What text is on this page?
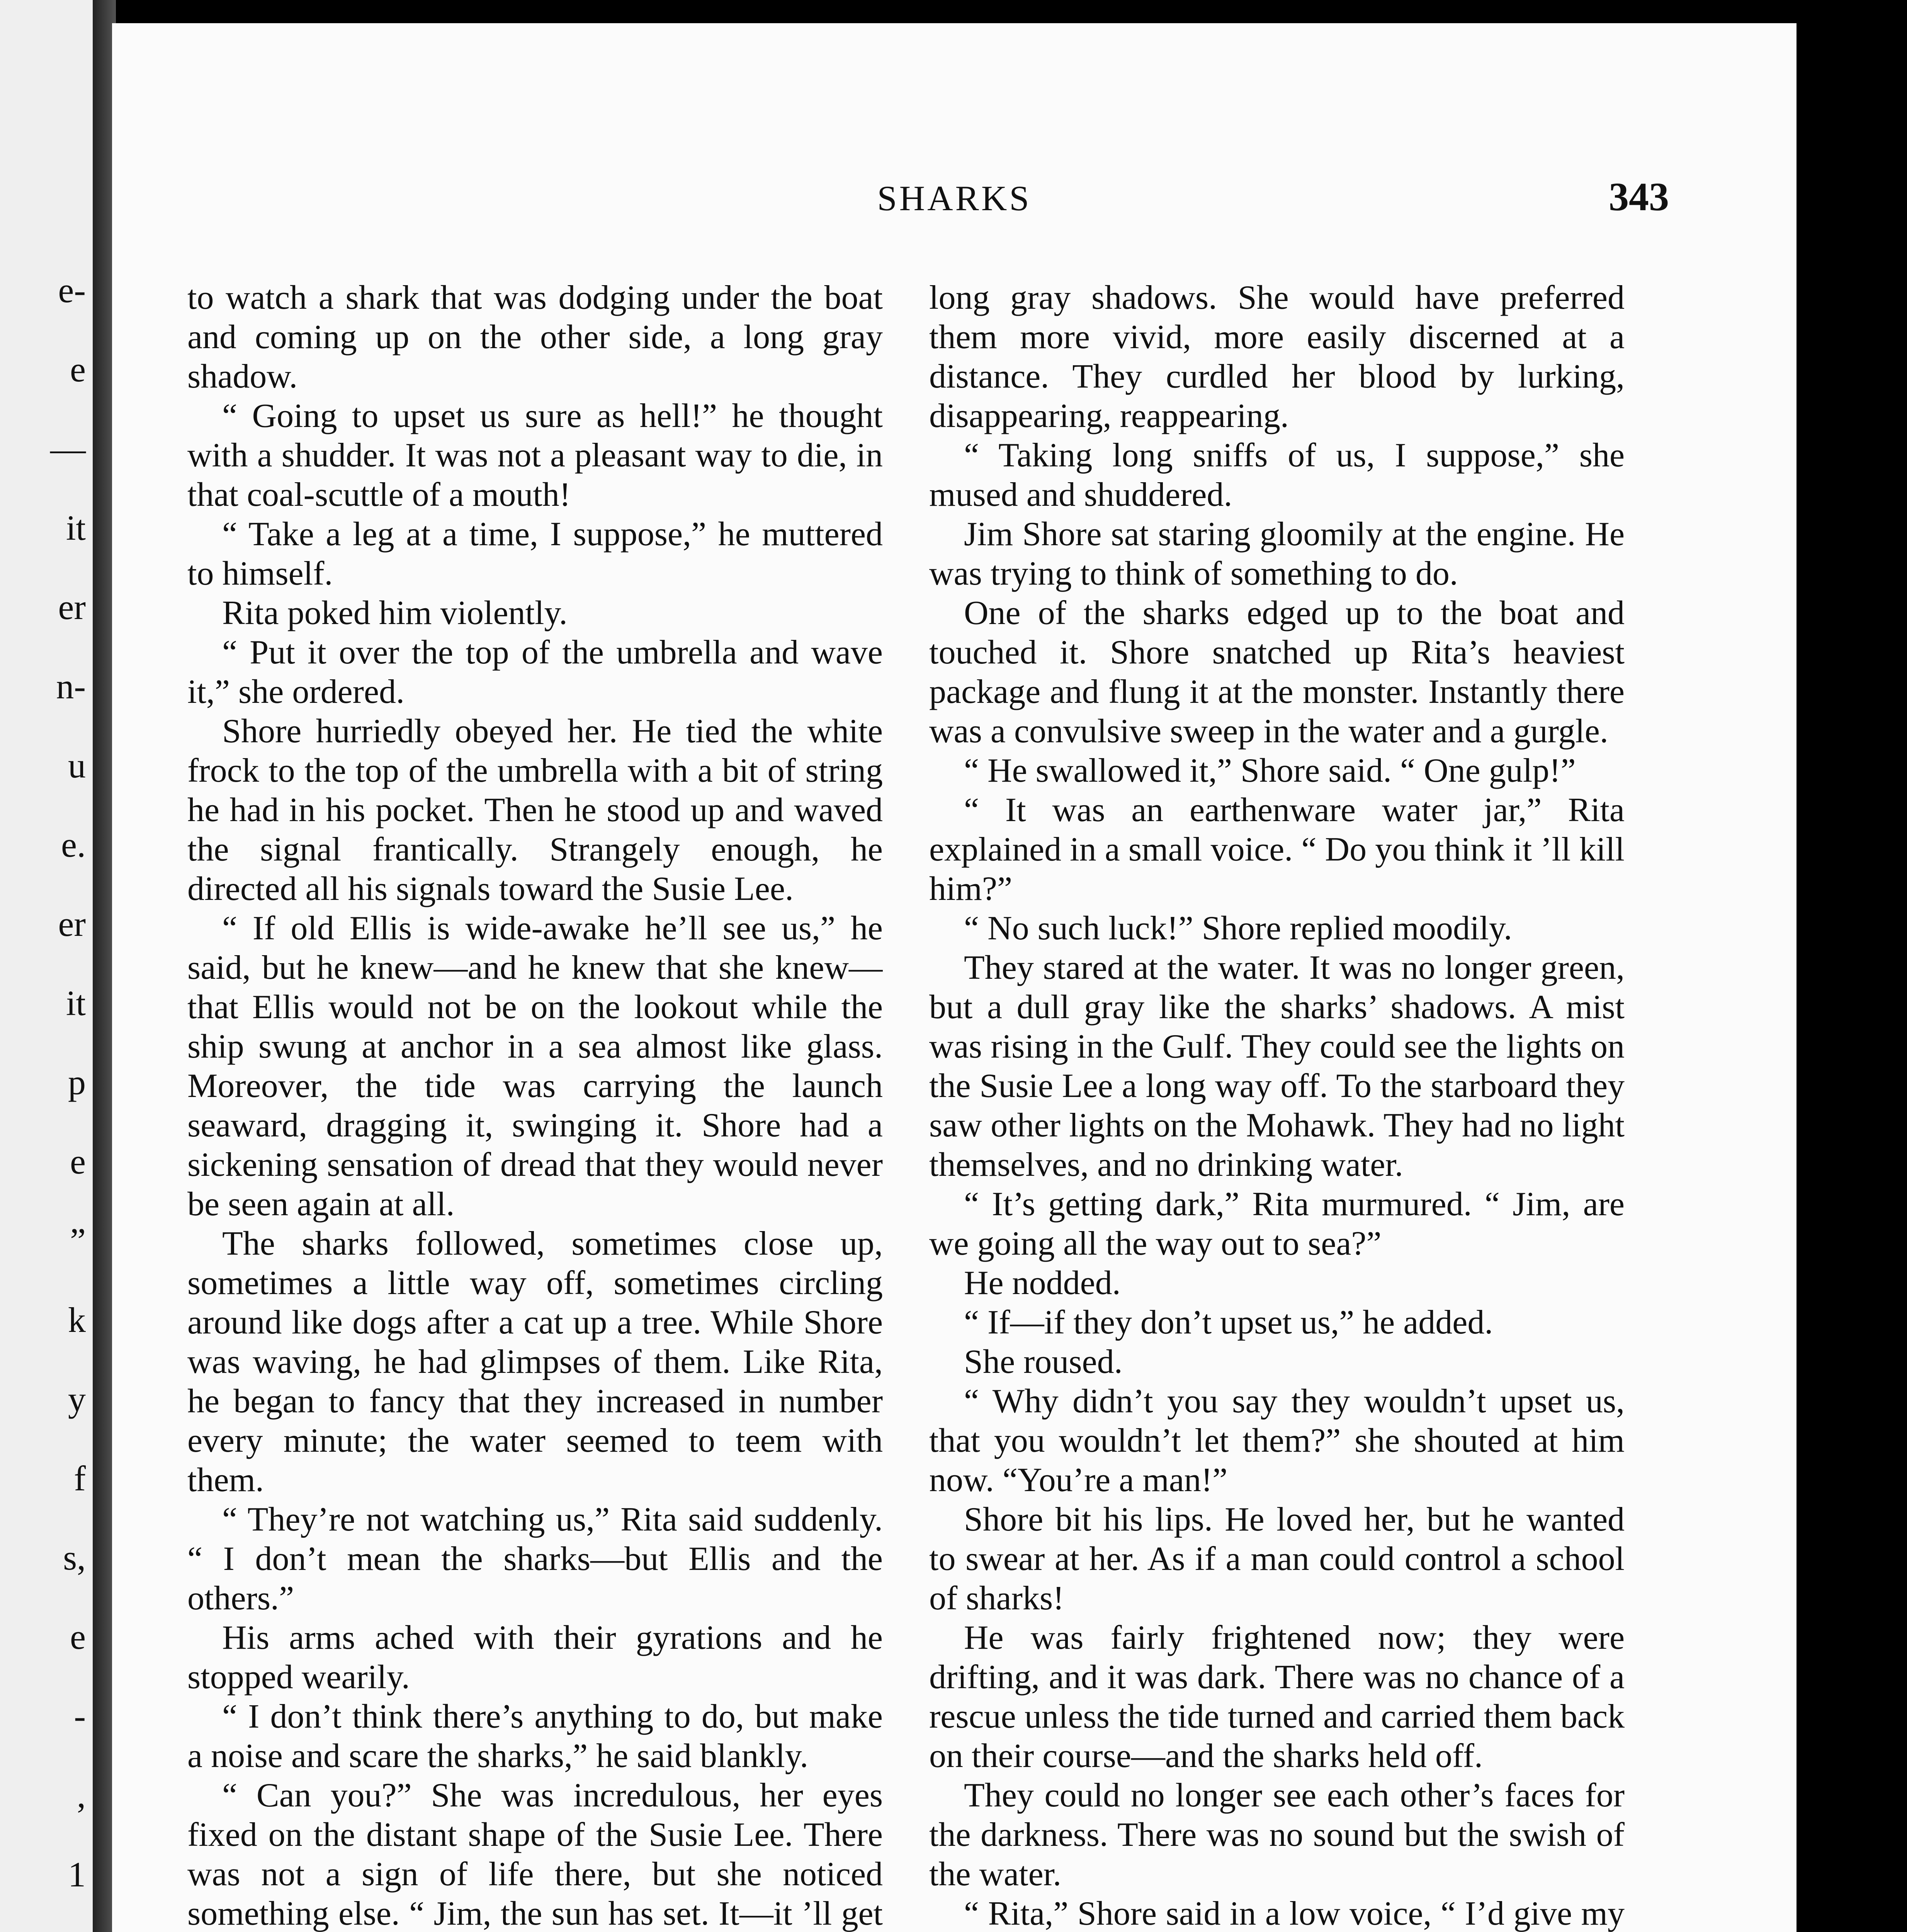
e-
e
—
it
er
n-
u
e.
er
it
p
e
”
k
y
f
s,
e
-
,
1
SHARKS	343

to watch a shark that was dodging under the boat and coming up on the other side, a long gray shadow.

“ Going to upset us sure as hell!” he thought with a shudder. It was not a pleasant way to die, in that coal-scuttle of a mouth!

“ Take a leg at a time, I suppose,” he muttered to himself.

Rita poked him violently.

“ Put it over the top of the umbrella and wave it,” she ordered.

Shore hurriedly obeyed her. He tied the white frock to the top of the umbrella with a bit of string he had in his pocket. Then he stood up and waved the signal frantically. Strangely enough, he directed all his signals toward the Susie Lee.

“ If old Ellis is wide-awake he’ll see us,” he said, but he knew—and he knew that she knew—that Ellis would not be on the lookout while the ship swung at anchor in a sea almost like glass. Moreover, the tide was carrying the launch seaward, dragging it, swinging it. Shore had a sickening sensation of dread that they would never be seen again at all.

The sharks followed, sometimes close up, sometimes a little way off, sometimes circling around like dogs after a cat up a tree. While Shore was waving, he had glimpses of them. Like Rita, he began to fancy that they increased in number every minute; the water seemed to teem with them.

“ They’re not watching us,” Rita said suddenly. “ I don’t mean the sharks—but Ellis and the others.”

His arms ached with their gyrations and he stopped wearily.

“ I don’t think there’s anything to do, but make a noise and scare the sharks,” he said blankly.

“ Can you?” She was incredulous, her eyes fixed on the distant shape of the Susie Lee. There was not a sign of life there, but she noticed something else. “ Jim, the sun has set. It—it ’ll get

long gray shadows. She would have preferred them more vivid, more easily discerned at a distance. They curdled her blood by lurking, disappearing, reappearing.

“ Taking long sniffs of us, I suppose,” she mused and shuddered.

Jim Shore sat staring gloomily at the engine. He was trying to think of something to do.

One of the sharks edged up to the boat and touched it. Shore snatched up Rita’s heaviest package and flung it at the monster. Instantly there was a convulsive sweep in the water and a gurgle.

“ He swallowed it,” Shore said. “ One gulp!”

“ It was an earthenware water jar,” Rita explained in a small voice. “ Do you think it ’ll kill him?”

“ No such luck!” Shore replied moodily.

They stared at the water. It was no longer green, but a dull gray like the sharks’ shadows. A mist was rising in the Gulf. They could see the lights on the Susie Lee a long way off. To the starboard they saw other lights on the Mohawk. They had no light themselves, and no drinking water.

“ It’s getting dark,” Rita murmured. “ Jim, are we going all the way out to sea?”

He nodded.

“ If—if they don’t upset us,” he added.

She roused.

“ Why didn’t you say they wouldn’t upset us, that you wouldn’t let them?” she shouted at him now. “You’re a man!”

Shore bit his lips. He loved her, but he wanted to swear at her. As if a man could control a school of sharks!

He was fairly frightened now; they were drifting, and it was dark. There was no chance of a rescue unless the tide turned and carried them back on their course—and the sharks held off.

They could no longer see each other’s faces for the darkness. There was no sound but the swish of the water.

“ Rita,” Shore said in a low voice, “ I’d give my
